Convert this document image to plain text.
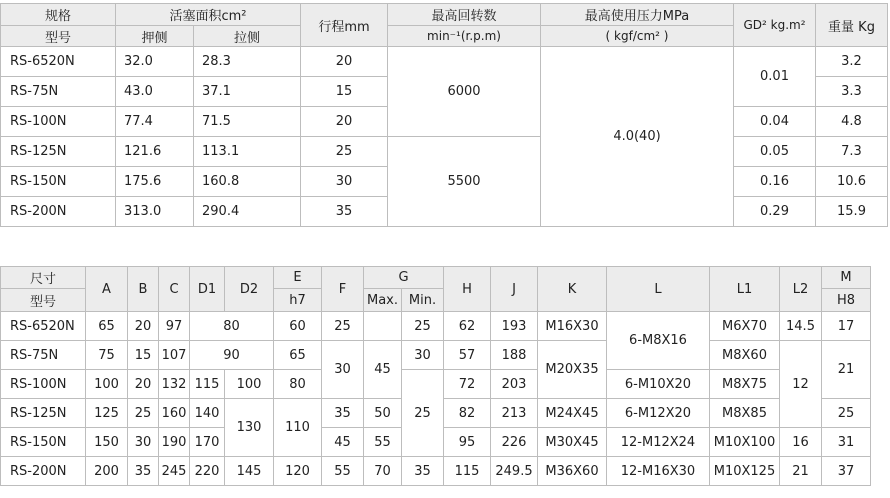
规格	活塞面积cm²		行程mm	最高回转数	最高使用压力MPa	GD² kg.m²	重量 Kg
型号	押侧	拉侧		min⁻¹(r.p.m)	( kgf/cm² )		
RS-6520N	32.0	28.3	20	6000	4.0(40)	0.01	3.2
RS-75N	43.0	37.1	15				3.3
RS-100N	77.4	71.5	20			0.04	4.8
RS-125N	121.6	113.1	25	5500		0.05	7.3
RS-150N	175.6	160.8	30			0.16	10.6
RS-200N	313.0	290.4	35			0.29	15.9
尺寸	A	B	C	D1	D2	E	F	G		H	J	K	L	L1	L2	M
型号						h7		Max.	Min.							H8
RS-6520N	65	20	97	80		60	25		25	62	193	M16X30	6-M8X16	M6X70	14.5	17
RS-75N	75	15	107	90		65	30	45	30	57	188	M20X35		M8X60	12	21
RS-100N	100	20	132	115	100	80			25	72	203		6-M10X20	M8X75		
RS-125N	125	25	160	140	130	110	35	50		82	213	M24X45	6-M12X20	M8X85		25
RS-150N	150	30	190	170			45	55		95	226	M30X45	12-M12X24	M10X100	16	31
RS-200N	200	35	245	220	145	120	55	70	35	115	249.5	M36X60	12-M16X30	M10X125	21	37
